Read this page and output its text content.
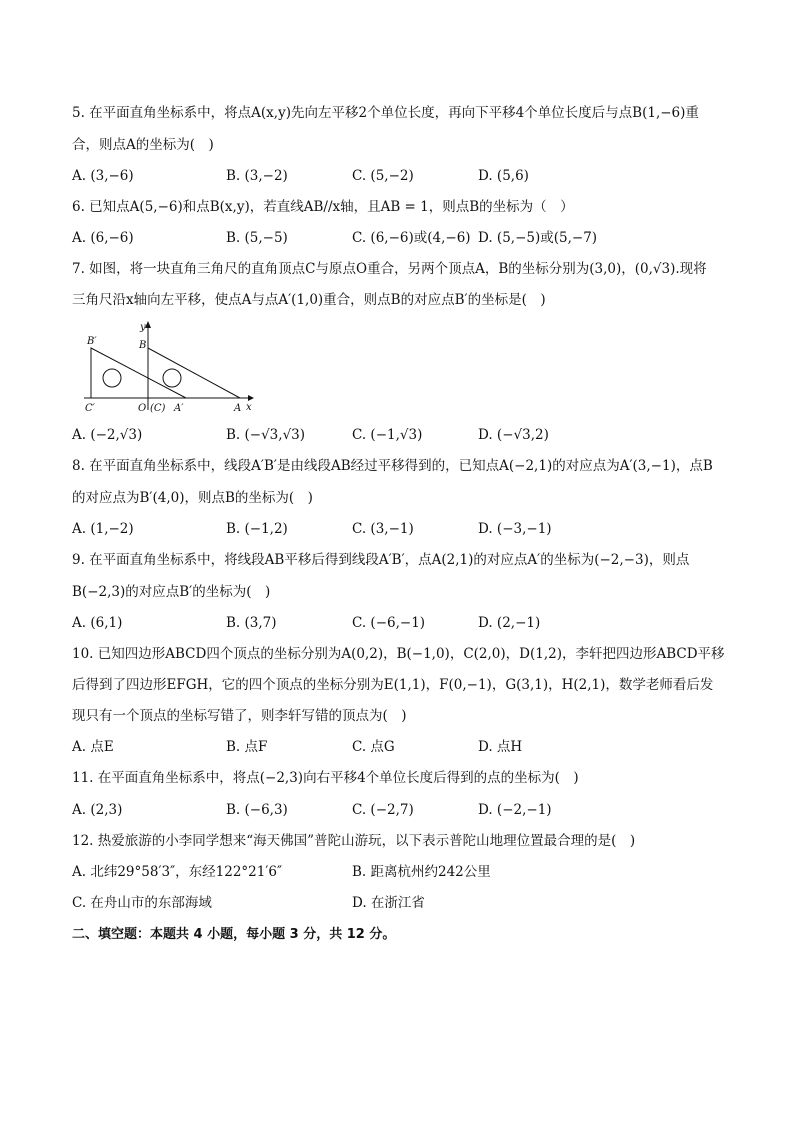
5. 在平面直角坐标系中，将点A(x,y)先向左平移2个单位长度，再向下平移4个单位长度后与点B(1,−6)重
合，则点A的坐标为(　)
A. (3,−6)	B. (3,−2)	C. (5,−2)	D. (5,6)
6. 已知点A(5,−6)和点B(x,y)，若直线AB//x轴，且AB = 1，则点B的坐标为（　）
A. (6,−6)	B. (5,−5)	C. (6,−6)或(4,−6) D. (5,−5)或(5,−7)
7. 如图，将一块直角三角尺的直角顶点C与原点O重合，另两个顶点A，B的坐标分别为(3,0)，(0,√3).现将
三角尺沿x轴向左平移，使点A与点A′(1,0)重合，则点B的对应点B′的坐标是(　)
y
x
B′	B
C′	O (C) A′	A
A. (−2,√3)	B. (−√3,√3)	C. (−1,√3)	D. (−√3,2)
8. 在平面直角坐标系中，线段A′B′是由线段AB经过平移得到的，已知点A(−2,1)的对应点为A′(3,−1)，点B
的对应点为B′(4,0)，则点B的坐标为(　)
A. (1,−2)	B. (−1,2)	C. (3,−1)	D. (−3,−1)
9. 在平面直角坐标系中，将线段AB平移后得到线段A′B′，点A(2,1)的对应点A′的坐标为(−2,−3)，则点
B(−2,3)的对应点B′的坐标为(　)
A. (6,1)	B. (3,7)	C. (−6,−1)	D. (2,−1)
10. 已知四边形ABCD四个顶点的坐标分别为A(0,2)，B(−1,0)，C(2,0)，D(1,2)，李轩把四边形ABCD平移
后得到了四边形EFGH，它的四个顶点的坐标分别为E(1,1)，F(0,−1)，G(3,1)，H(2,1)，数学老师看后发
现只有一个顶点的坐标写错了，则李轩写错的顶点为(　)
A. 点E	B. 点F	C. 点G	D. 点H
11. 在平面直角坐标系中，将点(−2,3)向右平移4个单位长度后得到的点的坐标为(　)
A. (2,3)	B. (−6,3)	C. (−2,7)	D. (−2,−1)
12. 热爱旅游的小李同学想来“海天佛国”普陀山游玩，以下表示普陀山地理位置最合理的是(　)
A. 北纬29°58′3″，东经122°21′6″	B. 距离杭州约242公里
C. 在舟山市的东部海域	D. 在浙江省
二、填空题：本题共 4 小题，每小题 3 分，共 12 分。
